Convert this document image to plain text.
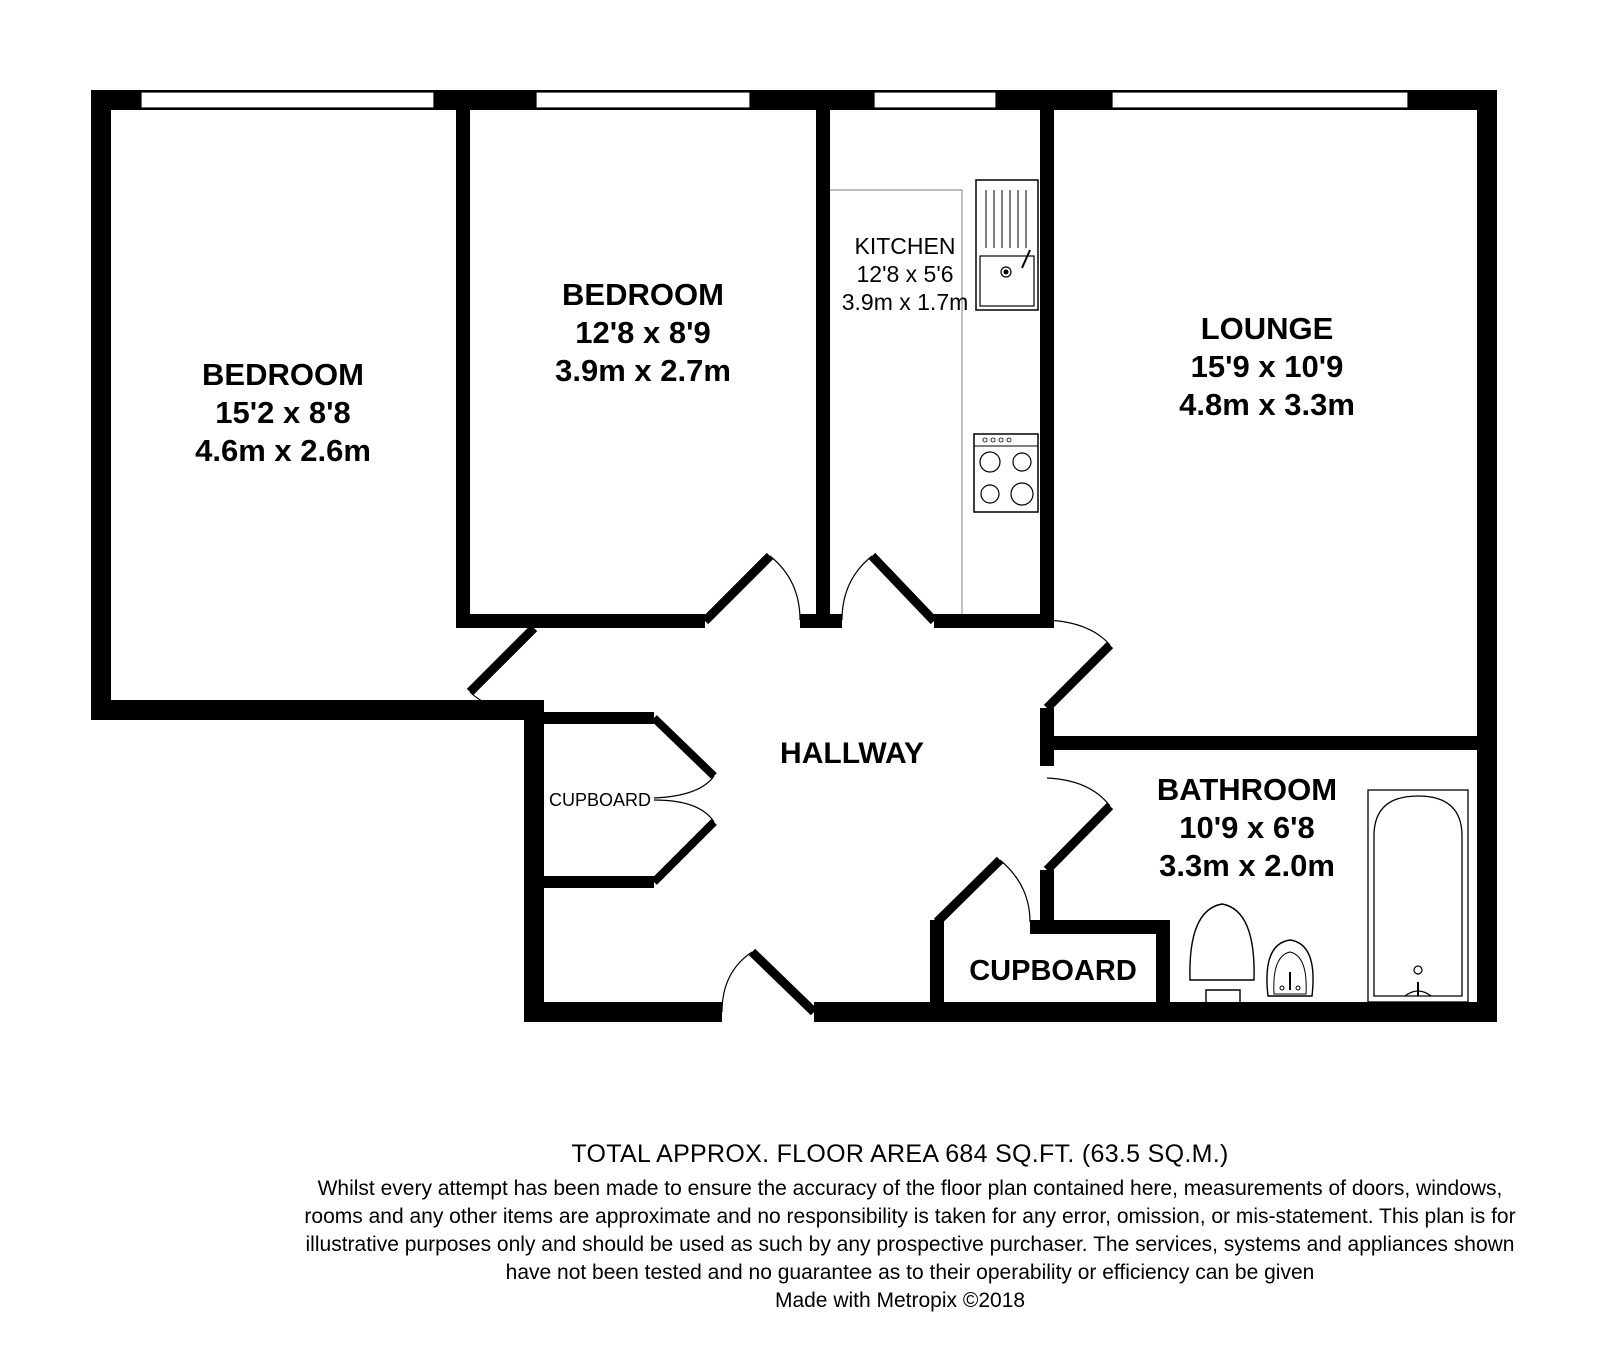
BEDROOM
15'2 x 8'8
4.6m x 2.6m
BEDROOM
12'8 x 8'9
3.9m x 2.7m
KITCHEN
12'8 x 5'6
3.9m x 1.7m
LOUNGE
15'9 x 10'9
4.8m x 3.3m
HALLWAY
BATHROOM
10'9 x 6'8
3.3m x 2.0m
CUPBOARD
CUPBOARD
TOTAL APPROX. FLOOR AREA 684 SQ.FT. (63.5 SQ.M.)
Whilst every attempt has been made to ensure the accuracy of the floor plan contained here, measurements of doors, windows, rooms and any other items are approximate and no responsibility is taken for any error, omission, or mis-statement. This plan is for illustrative purposes only and should be used as such by any prospective purchaser. The services, systems and appliances shown have not been tested and no guarantee as to their operability or efficiency can be given
Made with Metropix ©2018
